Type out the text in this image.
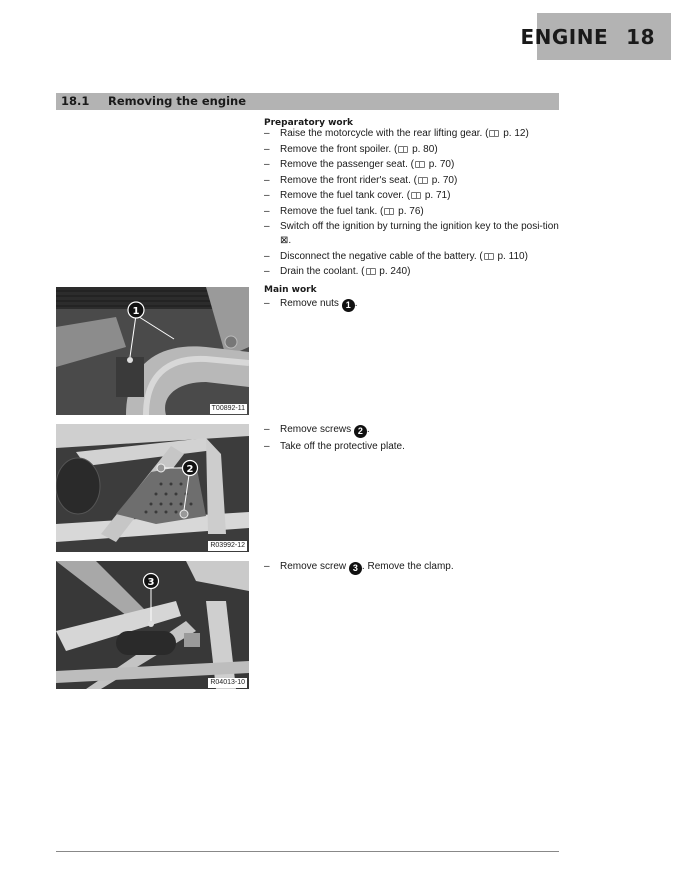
ENGINE 18
18.1 Removing the engine
Preparatory work
– Raise the motorcycle with the rear lifting gear. ( p. 12)
– Remove the front spoiler. ( p. 80)
– Remove the passenger seat. ( p. 70)
– Remove the front rider's seat. ( p. 70)
– Remove the fuel tank cover. ( p. 71)
– Remove the fuel tank. ( p. 76)
– Switch off the ignition by turning the ignition key to the posi-tion ⊠.
– Disconnect the negative cable of the battery. ( p. 110)
– Drain the coolant. ( p. 240)
Main work
– Remove nuts 1 .
– Remove screws 2 .
– Take off the protective plate.
– Remove screw 3 . Remove the clamp.
1
T00892-11
2
R03992-12
3
R04013-10
